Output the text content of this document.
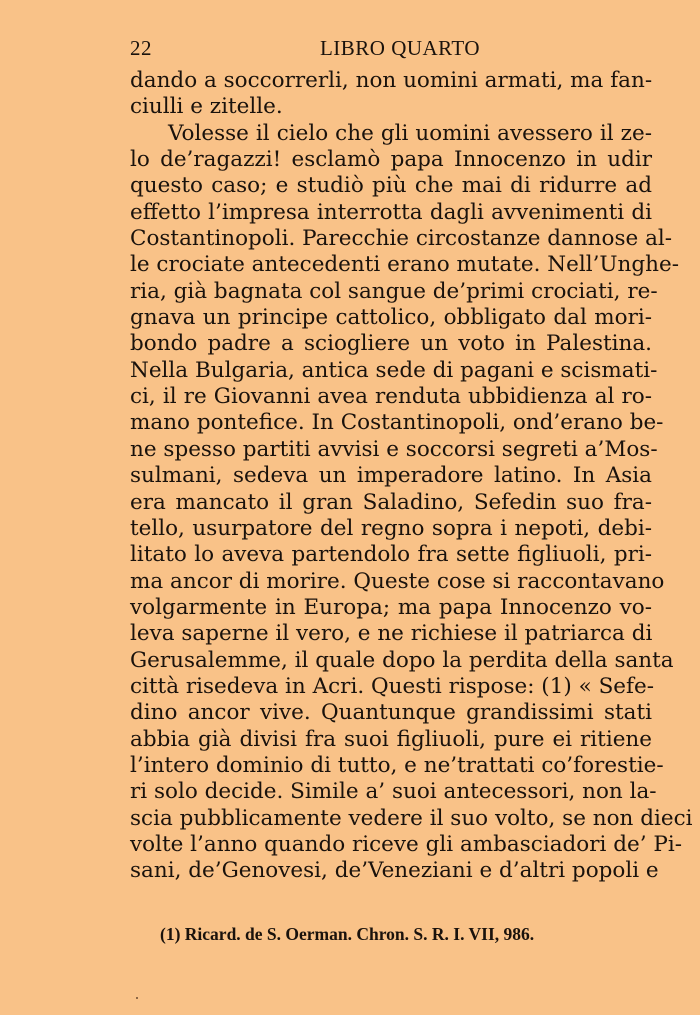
22	LIBRO QUARTO
dando a soccorrerli, non uomini armati, ma fan-
ciulli e zitelle.
Volesse il cielo che gli uomini avessero il ze-
lo de’ragazzi! esclamò papa Innocenzo in udir
questo caso; e studiò più che mai di ridurre ad
effetto l’impresa interrotta dagli avvenimenti di
Costantinopoli. Parecchie circostanze dannose al-
le crociate antecedenti erano mutate. Nell’Unghe-
ria, già bagnata col sangue de’primi crociati, re-
gnava un principe cattolico, obbligato dal mori-
bondo padre a sciogliere un voto in Palestina.
Nella Bulgaria, antica sede di pagani e scismati-
ci, il re Giovanni avea renduta ubbidienza al ro-
mano pontefice. In Costantinopoli, ond’erano be-
ne spesso partiti avvisi e soccorsi segreti a’Mos-
sulmani, sedeva un imperadore latino. In Asia
era mancato il gran Saladino, Sefedin suo fra-
tello, usurpatore del regno sopra i nepoti, debi-
litato lo aveva partendolo fra sette figliuoli, pri-
ma ancor di morire. Queste cose si raccontavano
volgarmente in Europa; ma papa Innocenzo vo-
leva saperne il vero, e ne richiese il patriarca di
Gerusalemme, il quale dopo la perdita della santa
città risedeva in Acri. Questi rispose: (1) « Sefe-
dino ancor vive. Quantunque grandissimi stati
abbia già divisi fra suoi figliuoli, pure ei ritiene
l’intero dominio di tutto, e ne’trattati co’forestie-
ri solo decide. Simile a’ suoi antecessori, non la-
scia pubblicamente vedere il suo volto, se non dieci
volte l’anno quando riceve gli ambasciadori de’ Pi-
sani, de’Genovesi, de’Veneziani e d’altri popoli e
(1) Ricard. de S. Oerman. Chron. S. R. I. VII, 986.
